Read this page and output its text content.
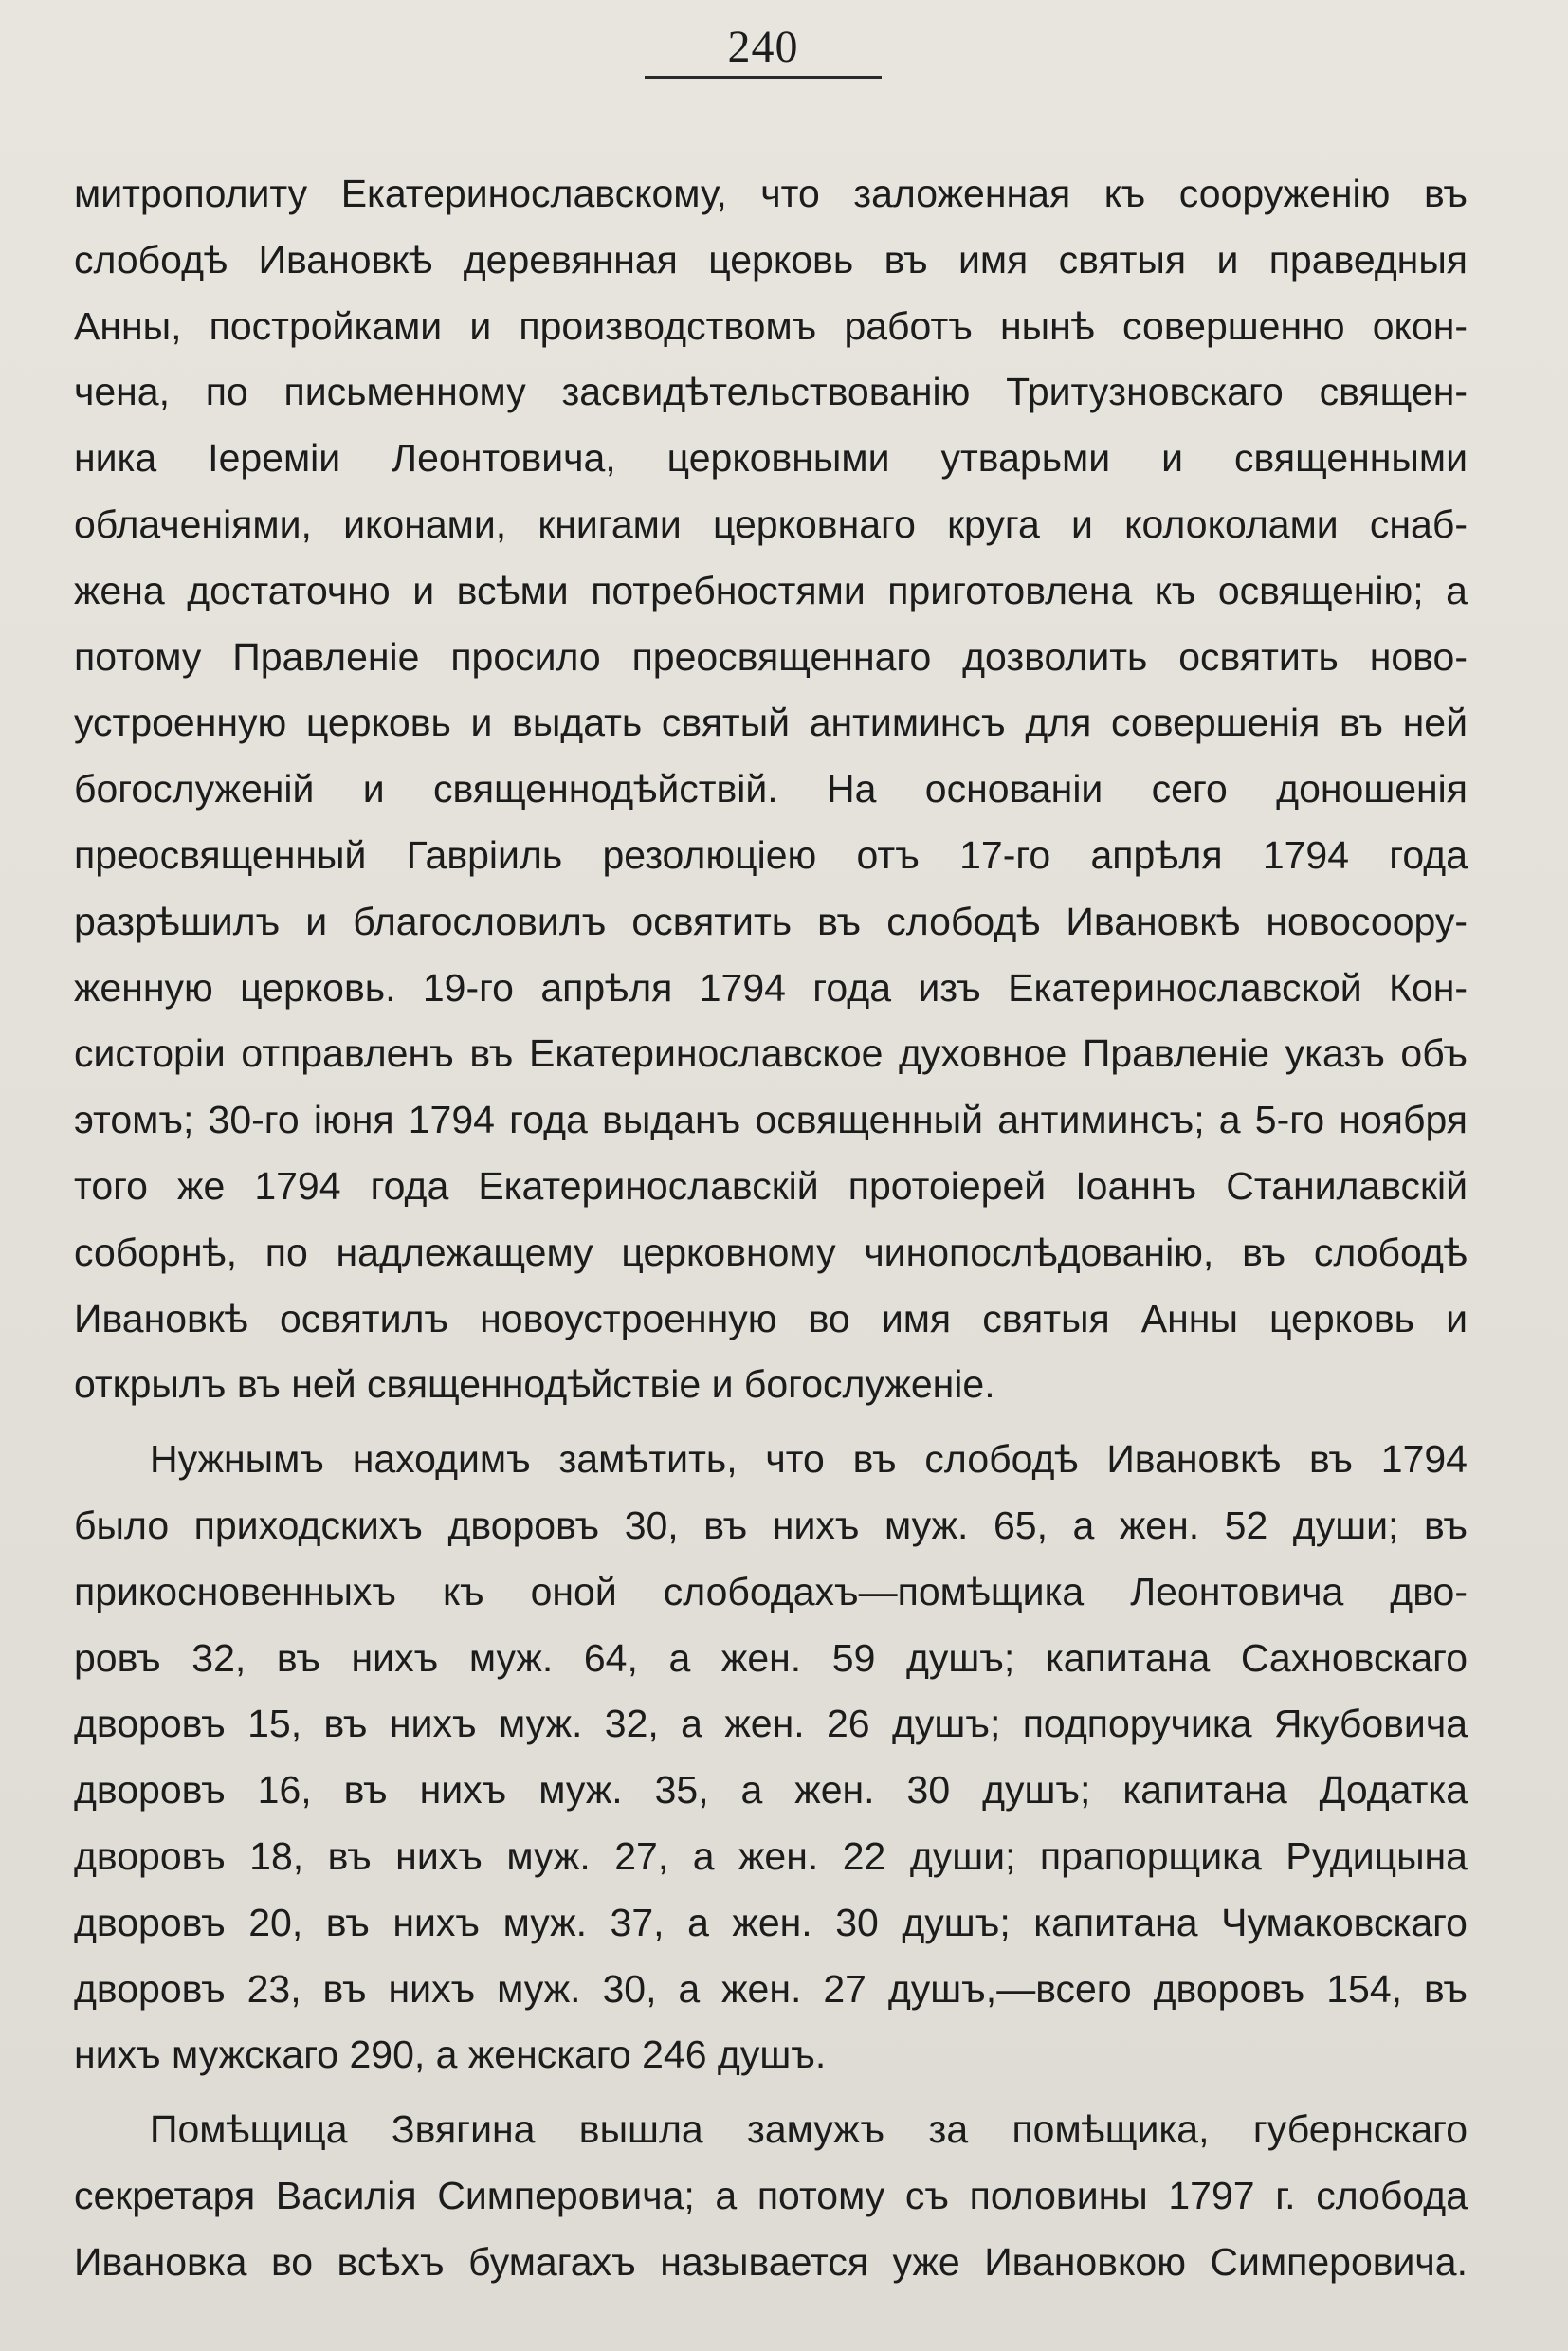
240
митрополиту Екатеринославскому, что заложенная къ сооруженію въ
слободѣ Ивановкѣ деревянная церковь въ имя святыя и праведныя
Анны, постройками и производствомъ работъ нынѣ совершенно окон-
чена, по письменному засвидѣтельствованію Тритузновскаго священ-
ника Іереміи Леонтовича, церковными утварьми и священными
облаченіями, иконами, книгами церковнаго круга и колоколами снаб-
жена достаточно и всѣми потребностями приготовлена къ освященію; а
потому Правленіе просило преосвященнаго дозволить освятить ново-
устроенную церковь и выдать святый антиминсъ для совершенія въ ней
богослуженій и священнодѣйствій. На основаніи сего доношенія
преосвященный Гавріиль резолюціею отъ 17-го апрѣля 1794 года
разрѣшилъ и благословилъ освятить въ слободѣ Ивановкѣ новосоору-
женную церковь. 19-го апрѣля 1794 года изъ Екатеринославской Кон-
систоріи отправленъ въ Екатеринославское духовное Правленіе указъ объ
этомъ; 30-го іюня 1794 года выданъ освященный антиминсъ; а 5-го ноября
того же 1794 года Екатеринославскій протоіерей Іоаннъ Станилавскій
соборнѣ, по надлежащему церковному чинопослѣдованію, въ слободѣ
Ивановкѣ освятилъ новоустроенную во имя святыя Анны церковь и
открылъ въ ней священнодѣйствіе и богослуженіе.
Нужнымъ находимъ замѣтить, что въ слободѣ Ивановкѣ въ 1794
было приходскихъ дворовъ 30, въ нихъ муж. 65, а жен. 52 души; въ
прикосновенныхъ къ оной слободахъ—помѣщика Леонтовича дво-
ровъ 32, въ нихъ муж. 64, а жен. 59 душъ; капитана Сахновскаго
дворовъ 15, въ нихъ муж. 32, а жен. 26 душъ; подпоручика Якубовича
дворовъ 16, въ нихъ муж. 35, а жен. 30 душъ; капитана Додатка
дворовъ 18, въ нихъ муж. 27, а жен. 22 души; прапорщика Рудицына
дворовъ 20, въ нихъ муж. 37, а жен. 30 душъ; капитана Чумаковскаго
дворовъ 23, въ нихъ муж. 30, а жен. 27 душъ,—всего дворовъ 154, въ
нихъ мужскаго 290, а женскаго 246 душъ.
Помѣщица Звягина вышла замужъ за помѣщика, губернскаго
секретаря Василія Симперовича; а потому съ половины 1797 г. слобода
Ивановка во всѣхъ бумагахъ называется уже Ивановкою Симперовича.
